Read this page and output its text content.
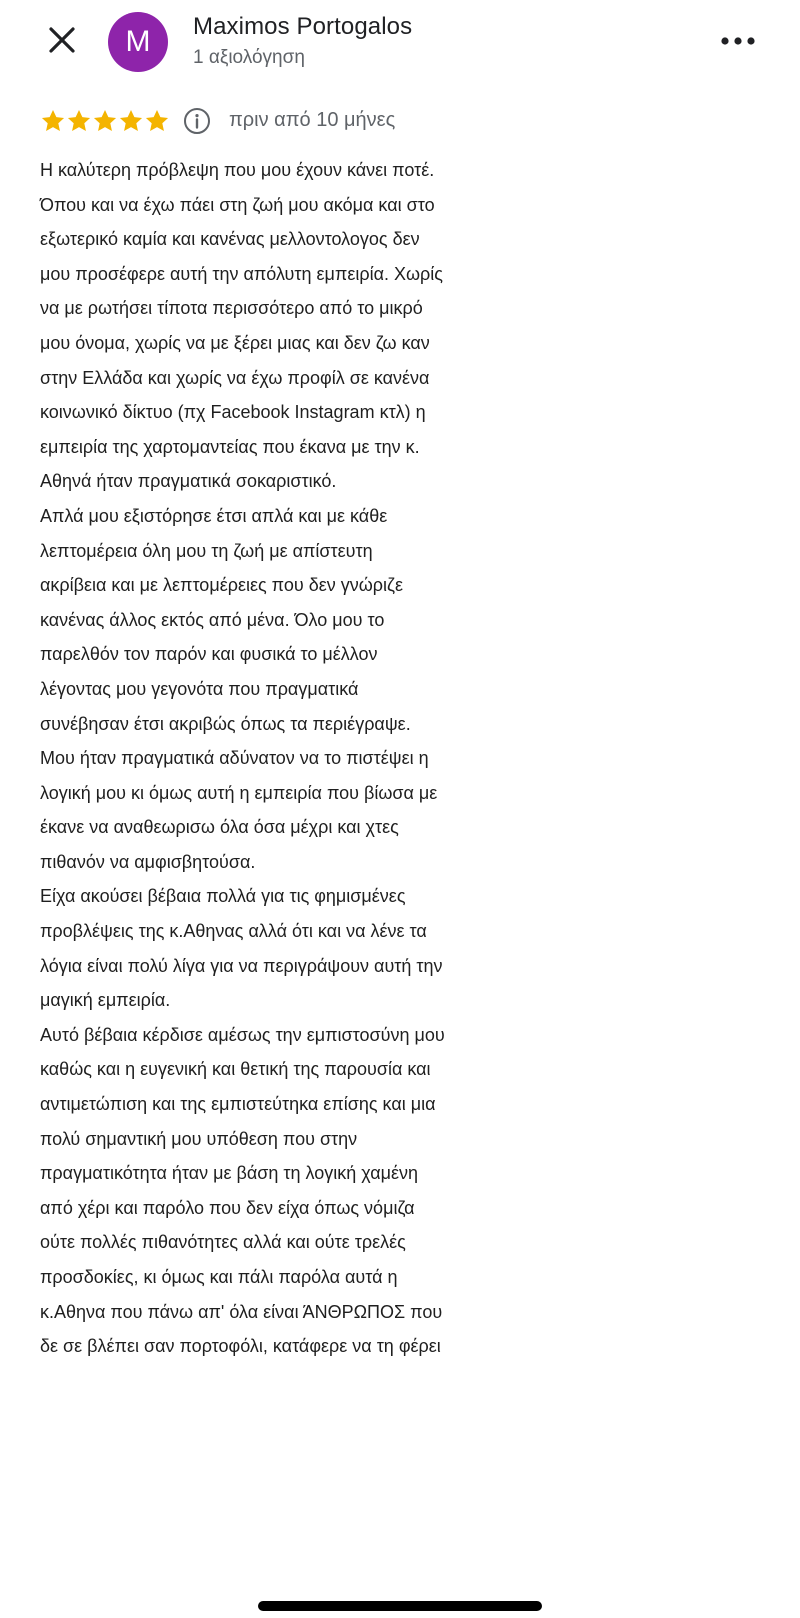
M	Maximos Portogalos
1 αξιολόγηση
πριν από 10 μήνες
Η καλύτερη πρόβλεψη που μου έχουν κάνει ποτέ.
Όπου και να έχω πάει στη ζωή μου ακόμα και στο
εξωτερικό καμία και κανένας μελλοντολογος δεν
μου προσέφερε αυτή την απόλυτη εμπειρία. Χωρίς
να με ρωτήσει τίποτα περισσότερο από το μικρό
μου όνομα, χωρίς να με ξέρει μιας και δεν ζω καν
στην Ελλάδα και χωρίς να έχω προφίλ σε κανένα
κοινωνικό δίκτυο (πχ Facebook Instagram κτλ) η
εμπειρία της χαρτομαντείας που έκανα με την κ.
Αθηνά ήταν πραγματικά σοκαριστικό.
Απλά μου εξιστόρησε έτσι απλά και με κάθε
λεπτομέρεια όλη μου τη ζωή με απίστευτη
ακρίβεια και με λεπτομέρειες που δεν γνώριζε
κανένας άλλος εκτός από μένα. Όλο μου το
παρελθόν τον παρόν και φυσικά το μέλλον
λέγοντας μου γεγονότα που πραγματικά
συνέβησαν έτσι ακριβώς όπως τα περιέγραψε.
Μου ήταν πραγματικά αδύνατον να το πιστέψει η
λογική μου κι όμως αυτή η εμπειρία που βίωσα με
έκανε να αναθεωρισω όλα όσα μέχρι και χτες
πιθανόν να αμφισβητούσα.
Είχα ακούσει βέβαια πολλά για τις φημισμένες
προβλέψεις της κ.Αθηνας αλλά ότι και να λένε τα
λόγια είναι πολύ λίγα για να περιγράψουν αυτή την
μαγική εμπειρία.
Αυτό βέβαια κέρδισε αμέσως την εμπιστοσύνη μου
καθώς και η ευγενική και θετική της παρουσία και
αντιμετώπιση και της εμπιστεύτηκα επίσης και μια
πολύ σημαντική μου υπόθεση που στην
πραγματικότητα ήταν με βάση τη λογική χαμένη
από χέρι και παρόλο που δεν είχα όπως νόμιζα
ούτε πολλές πιθανότητες αλλά και ούτε τρελές
προσδοκίες, κι όμως και πάλι παρόλα αυτά η
κ.Αθηνα που πάνω απ' όλα είναι ΆΝΘΡΩΠΟΣ που
δε σε βλέπει σαν πορτοφόλι, κατάφερε να τη φέρει
